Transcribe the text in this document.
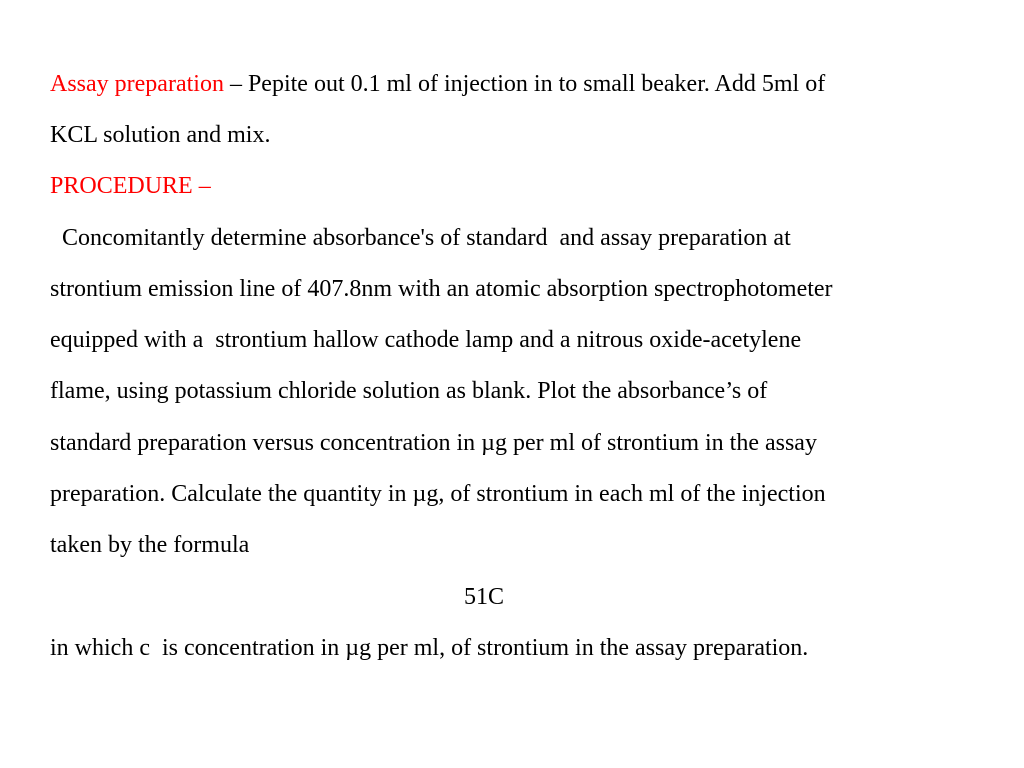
Assay preparation – Pepite out 0.1 ml of injection in to small beaker. Add 5ml of
KCL solution and mix.
PROCEDURE –
Concomitantly determine absorbance's of standard  and assay preparation at
strontium emission line of 407.8nm with an atomic absorption spectrophotometer
equipped with a  strontium hallow cathode lamp and a nitrous oxide-acetylene
flame, using potassium chloride solution as blank. Plot the absorbance’s of
standard preparation versus concentration in µg per ml of strontium in the assay
preparation. Calculate the quantity in µg, of strontium in each ml of the injection
taken by the formula
51C
in which c  is concentration in µg per ml, of strontium in the assay preparation.
